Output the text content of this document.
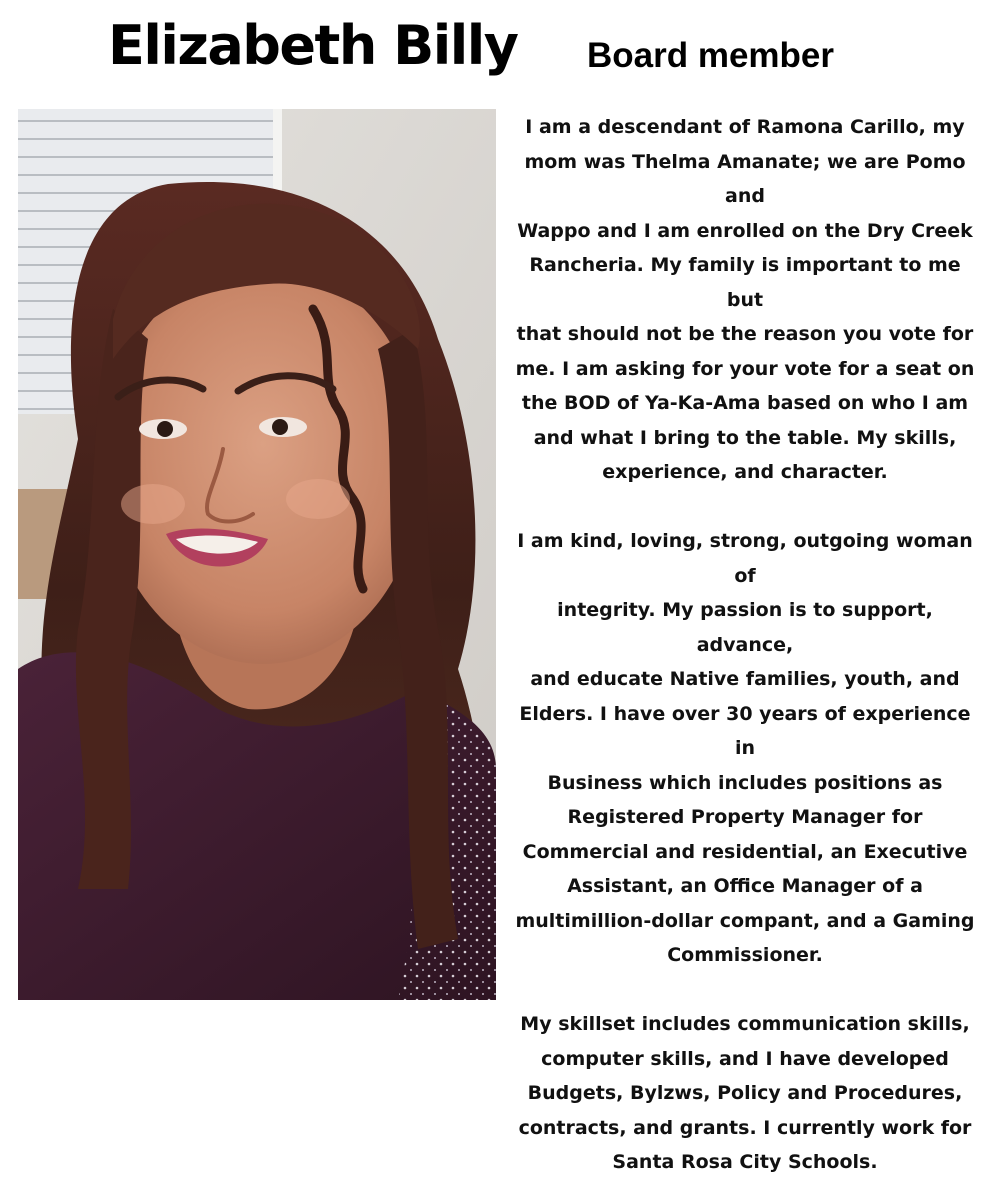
Elizabeth Billy Board member

I am a descendant of Ramona Carillo, my
mom was Thelma Amanate; we are Pomo and
Wappo and I am enrolled on the Dry Creek
Rancheria. My family is important to me but
that should not be the reason you vote for
me. I am asking for your vote for a seat on
the BOD of Ya-Ka-Ama based on who I am
and what I bring to the table. My skills,
experience, and character.

I am kind, loving, strong, outgoing woman of
integrity. My passion is to support, advance,
and educate Native families, youth, and
Elders. I have over 30 years of experience in
Business which includes positions as
Registered Property Manager for
Commercial and residential, an Executive
Assistant, an Office Manager of a
multimillion-dollar compant, and a Gaming
Commissioner.

My skillset includes communication skills,
computer skills, and I have developed
Budgets, Bylzws, Policy and Procedures,
contracts, and grants. I currently work for
Santa Rosa City Schools.
